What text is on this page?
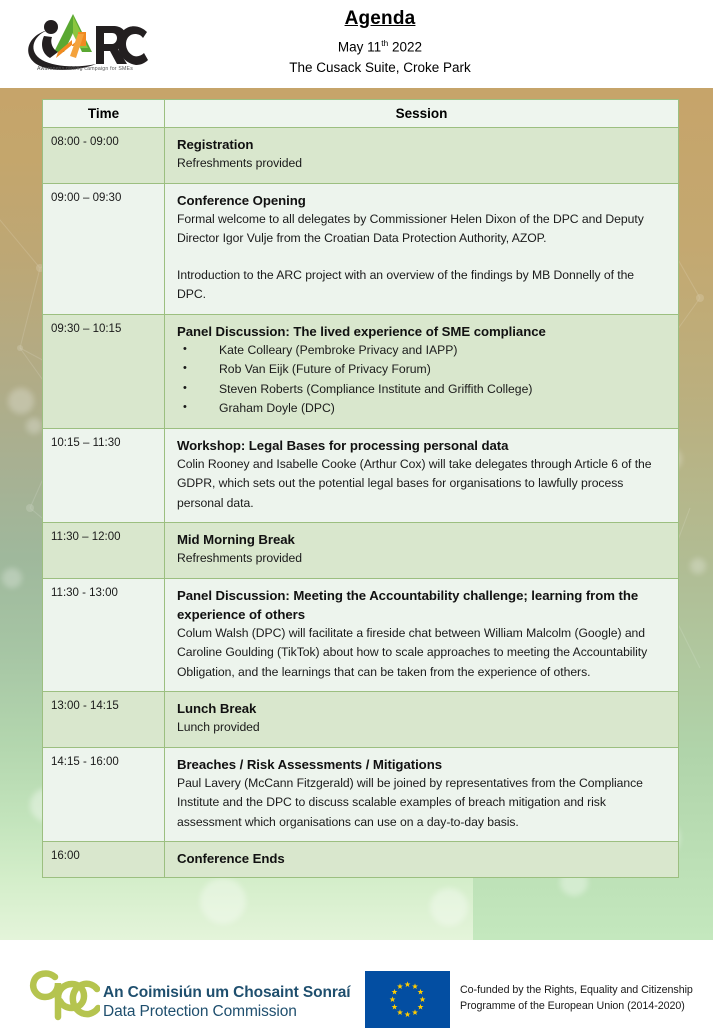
Awareness raising campaign for SMEs
Agenda
May 11th 2022
The Cusack Suite, Croke Park
Time	Session
08:00 - 09:00	Registration
Refreshments provided
09:00 – 09:30	Conference Opening
Formal welcome to all delegates by Commissioner Helen Dixon of the DPC and Deputy Director Igor Vulje from the Croatian Data Protection Authority, AZOP.
Introduction to the ARC project with an overview of the findings by MB Donnelly of the DPC.
09:30 – 10:15	Panel Discussion: The lived experience of SME compliance
• Kate Colleary (Pembroke Privacy and IAPP)
• Rob Van Eijk (Future of Privacy Forum)
• Steven Roberts (Compliance Institute and Griffith College)
• Graham Doyle (DPC)
10:15 – 11:30	Workshop: Legal Bases for processing personal data
Colin Rooney and Isabelle Cooke (Arthur Cox) will take delegates through Article 6 of the GDPR, which sets out the potential legal bases for organisations to lawfully process personal data.
11:30 – 12:00	Mid Morning Break
Refreshments provided
11:30 - 13:00	Panel Discussion: Meeting the Accountability challenge; learning from the experience of others
Colum Walsh (DPC) will facilitate a fireside chat between William Malcolm (Google) and Caroline Goulding (TikTok) about how to scale approaches to meeting the Accountability Obligation, and the learnings that can be taken from the experience of others.
13:00 - 14:15	Lunch Break
Lunch provided
14:15 - 16:00	Breaches / Risk Assessments / Mitigations
Paul Lavery (McCann Fitzgerald) will be joined by representatives from the Compliance Institute and the DPC to discuss scalable examples of breach mitigation and risk assessment which organisations can use on a day-to-day basis.
16:00	Conference Ends
An Coimisiún um Chosaint Sonraí
Data Protection Commission
Co-funded by the Rights, Equality and Citizenship
Programme of the European Union (2014-2020)
